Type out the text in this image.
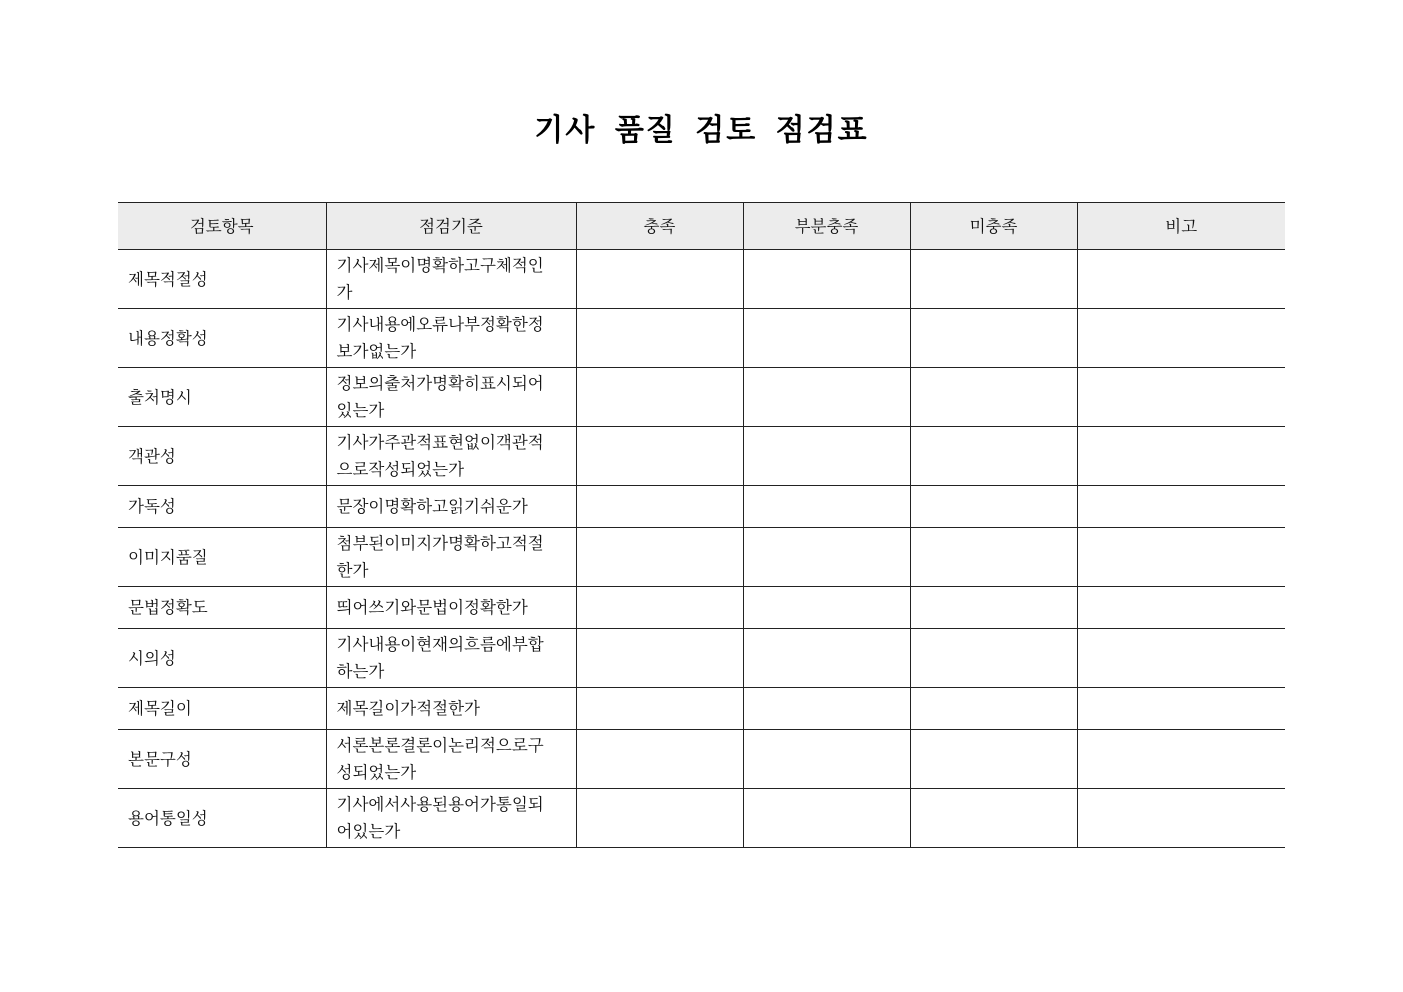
기사 품질 검토 점검표
검토항목	점검기준	충족	부분충족	미충족	비고
제목적절성	기사제목이명확하고구체적인가				
내용정확성	기사내용에오류나부정확한정보가없는가				
출처명시	정보의출처가명확히표시되어있는가				
객관성	기사가주관적표현없이객관적으로작성되었는가				
가독성	문장이명확하고읽기쉬운가				
이미지품질	첨부된이미지가명확하고적절한가				
문법정확도	띄어쓰기와문법이정확한가				
시의성	기사내용이현재의흐름에부합하는가				
제목길이	제목길이가적절한가				
본문구성	서론본론결론이논리적으로구성되었는가				
용어통일성	기사에서사용된용어가통일되어있는가				
